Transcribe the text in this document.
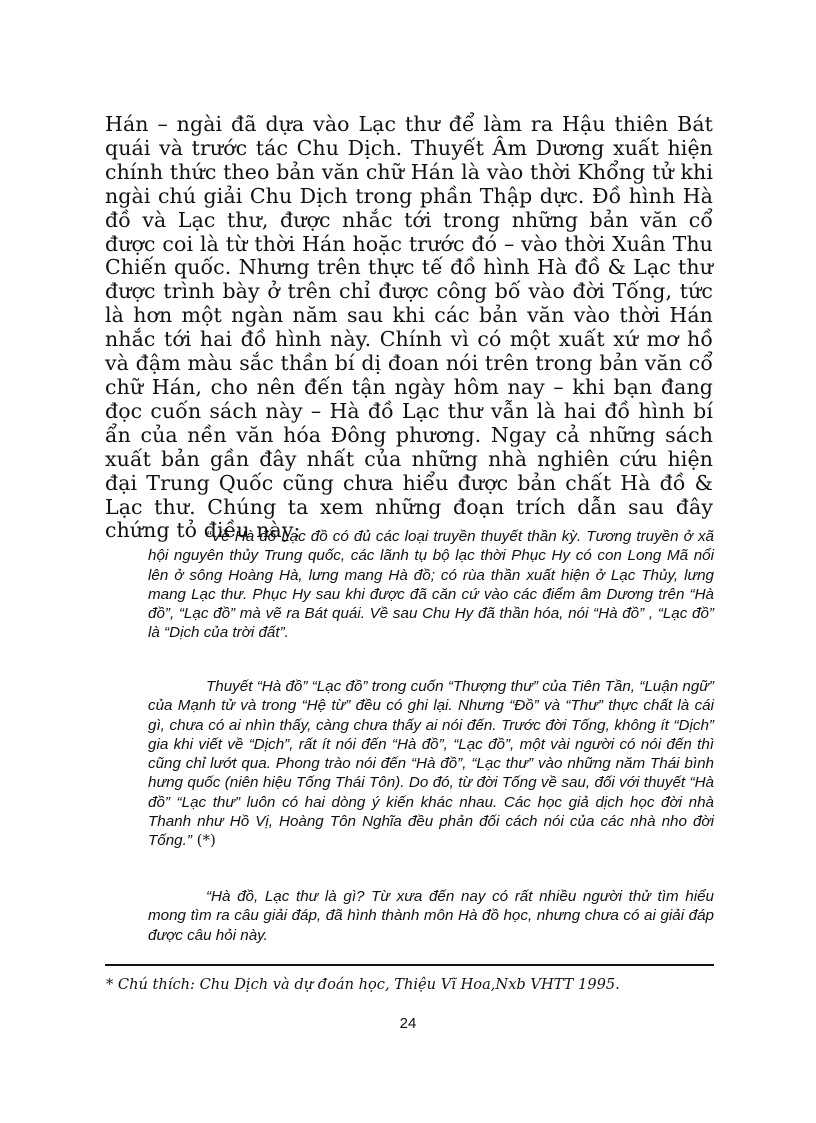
Hán – ngài đã dựa vào Lạc thư để làm ra Hậu thiên Bát quái và trước tác Chu Dịch. Thuyết Âm Dương xuất hiện chính thức theo bản văn chữ Hán là vào thời Khổng tử khi ngài chú giải Chu Dịch trong phần Thập dực. Đồ hình Hà đồ và Lạc thư, được nhắc tới trong những bản văn cổ được coi là từ thời Hán hoặc trước đó – vào thời Xuân Thu Chiến quốc. Nhưng trên thực tế đồ hình Hà đồ & Lạc thư được trình bày ở trên chỉ được công bố vào đời Tống, tức là hơn một ngàn năm sau khi các bản văn vào thời Hán nhắc tới hai đồ hình này. Chính vì có một xuất xứ mơ hồ và đậm màu sắc thần bí dị đoan nói trên trong bản văn cổ chữ Hán, cho nên đến tận ngày hôm nay – khi bạn đang đọc cuốn sách này – Hà đồ Lạc thư vẫn là hai đồ hình bí ẩn của nền văn hóa Đông phương. Ngay cả những sách xuất bản gần đây nhất của những nhà nghiên cứu hiện đại Trung Quốc cũng chưa hiểu được bản chất Hà đồ & Lạc thư. Chúng ta xem những đoạn trích dẫn sau đây chứng tỏ điều này:

“Về Hà đồ Lạc đồ có đủ các loại truyền thuyết thần kỳ. Tương truyền ở xã hội nguyên thủy Trung quốc, các lãnh tụ bộ lạc thời Phục Hy có con Long Mã nổi lên ở sông Hoàng Hà, lưng mang Hà đồ; có rùa thần xuất hiện ở Lạc Thủy, lưng mang Lạc thư. Phục Hy sau khi được đã căn cứ vào các điểm âm Dương trên “Hà đồ”, “Lạc đồ” mà vẽ ra Bát quái. Về sau Chu Hy đã thần hóa, nói “Hà đồ” , “Lạc đồ” là “Dịch của trời đất”.

Thuyết “Hà đồ” “Lạc đồ” trong cuốn “Thượng thư” của Tiên Tần, “Luận ngữ” của Mạnh tử và trong “Hệ từ” đều có ghi lại. Nhưng “Đồ” và “Thư” thực chất là cái gì, chưa có ai nhìn thấy, càng chưa thấy ai nói đến. Trước đời Tống, không ít “Dịch” gia khi viết về “Dịch”, rất ít nói đến “Hà đồ”, “Lạc đồ”, một vài người có nói đến thì cũng chỉ lướt qua. Phong trào nói đến “Hà đồ”, “Lạc thư” vào những năm Thái bình hưng quốc (niên hiệu Tống Thái Tôn). Do đó, từ đời Tống về sau, đối với thuyết “Hà đồ” “Lạc thư” luôn có hai dòng ý kiến khác nhau. Các học giả dịch học đời nhà Thanh như Hồ Vị, Hoàng Tôn Nghĩa đều phản đối cách nói của các nhà nho đời Tống.” (*)

“Hà đồ, Lạc thư là gì? Từ xưa đến nay có rất nhiều người thử tìm hiểu mong tìm ra câu giải đáp, đã hình thành môn Hà đồ học, nhưng chưa có ai giải đáp được câu hỏi này.

* Chú thích: Chu Dịch và dự đoán học, Thiệu Vĩ Hoa,Nxb VHTT 1995.
24
